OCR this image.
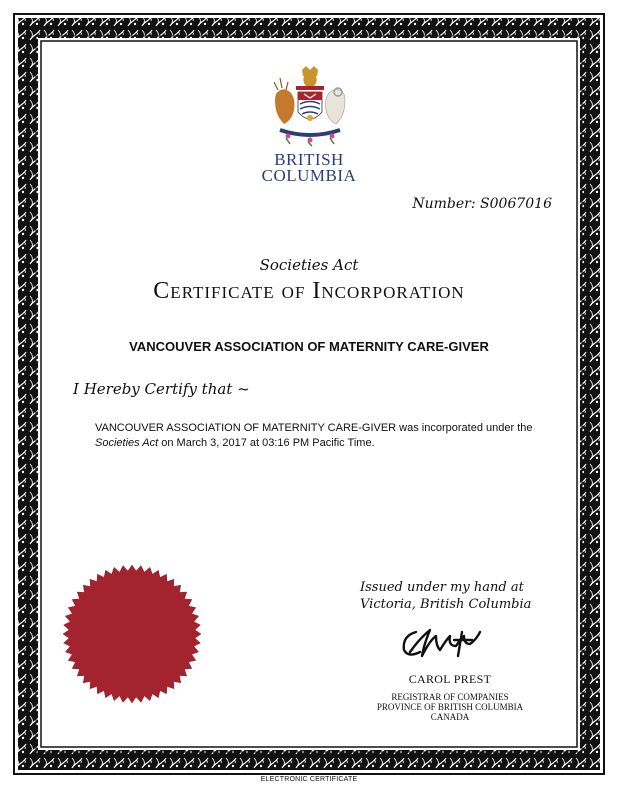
BRITISH
COLUMBIA
Number: S0067016
Societies Act
Certificate of Incorporation
VANCOUVER ASSOCIATION OF MATERNITY CARE-GIVER
I Hereby Certify that ~
VANCOUVER ASSOCIATION OF MATERNITY CARE-GIVER was incorporated under the
Societies Act on March 3, 2017 at 03:16 PM Pacific Time.
Issued under my hand at
Victoria, British Columbia
CAROL PREST
REGISTRAR OF COMPANIES
PROVINCE OF BRITISH COLUMBIA
CANADA
ELECTRONIC CERTIFICATE
